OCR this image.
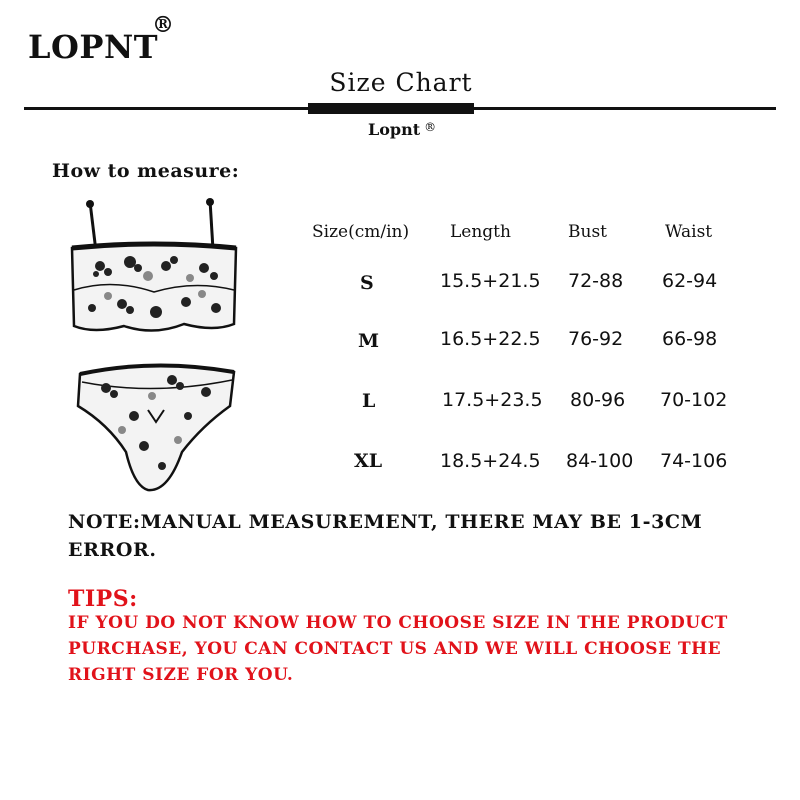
LOPNT
®
Size Chart
Lopnt ®
How to measure:
Size(cm/in) Length	Bust	Waist
S	15.5+21.5 72-88 62-94
M	16.5+22.5 76-92 66-98
L	17.5+23.5 80-96 70-102
XL	18.5+24.5 84-100 74-106
NOTE:MANUAL MEASUREMENT, THERE MAY BE 1-3CM ERROR.
TIPS:
IF YOU DO NOT KNOW HOW TO CHOOSE SIZE IN THE PRODUCT PURCHASE, YOU CAN CONTACT US AND WE WILL CHOOSE THE RIGHT SIZE FOR YOU.
